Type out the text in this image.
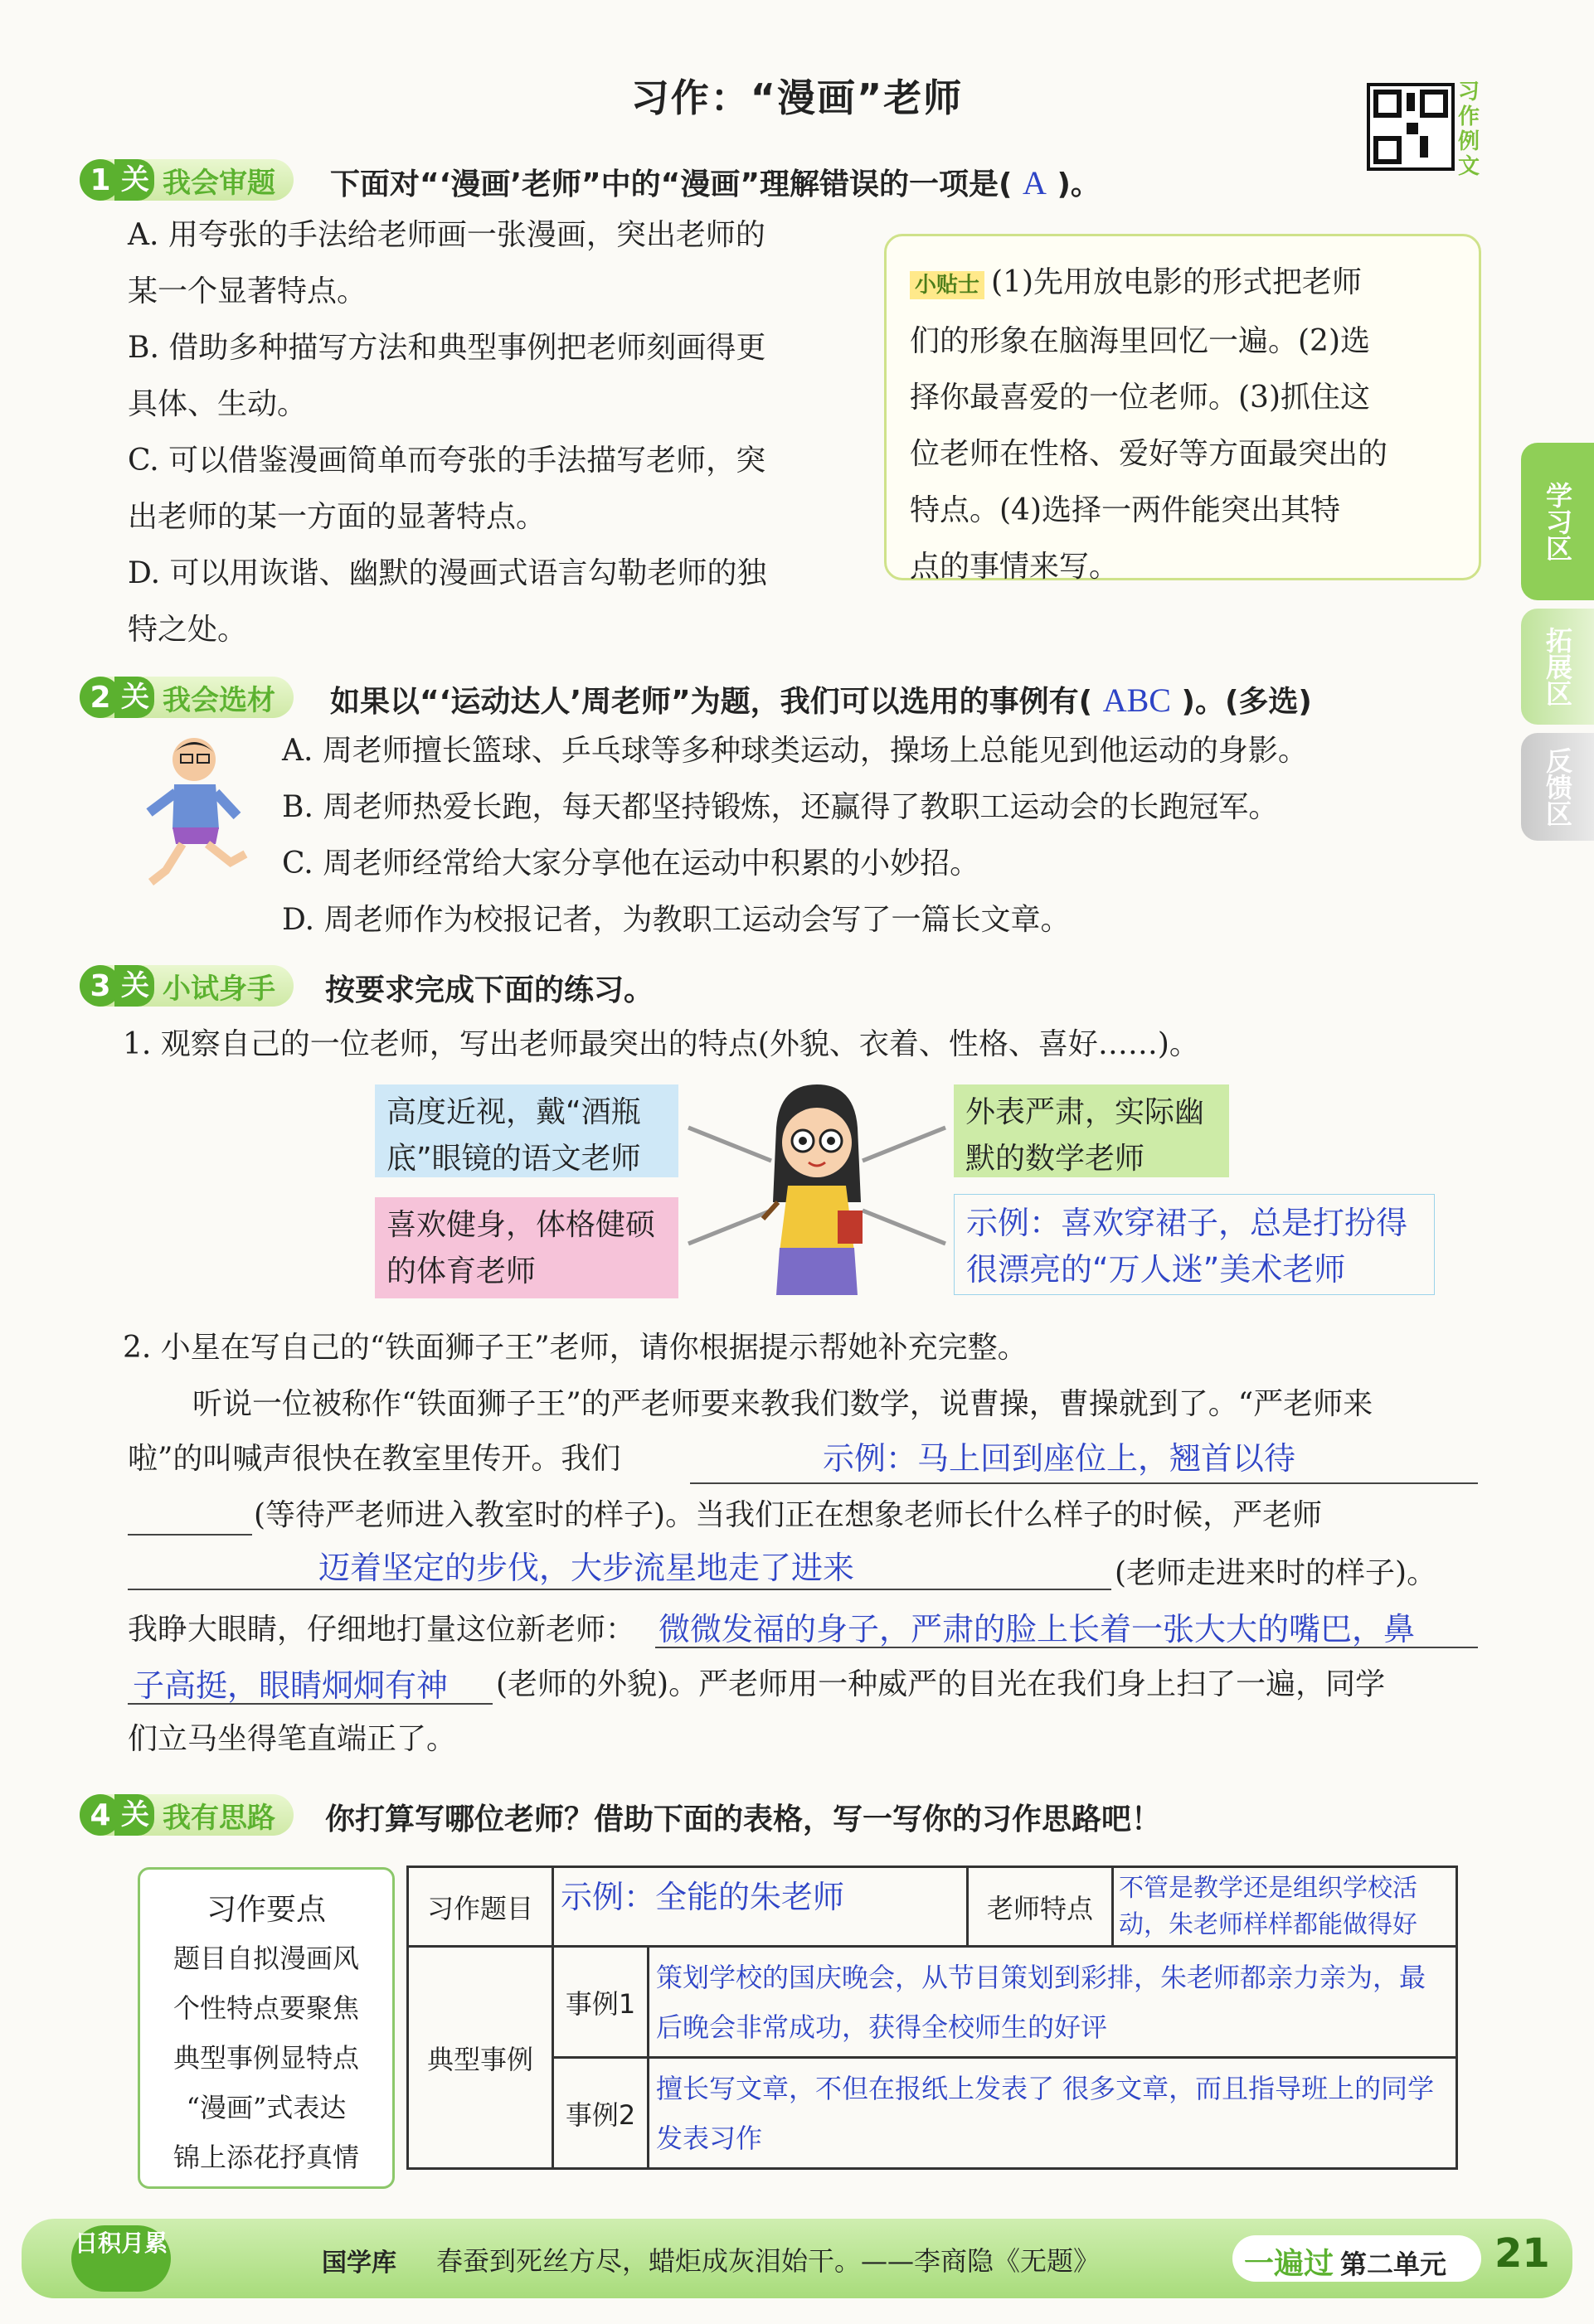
习作：“漫画”老师	习作例文
学习区
拓展区
反馈区
1 关 我会审题 下面对“‘漫画’老师”中的“漫画”理解错误的一项是( A )。
A. 用夸张的手法给老师画一张漫画，突出老师的
某一个显著特点。
B. 借助多种描写方法和典型事例把老师刻画得更
具体、生动。
C. 可以借鉴漫画简单而夸张的手法描写老师，突
出老师的某一方面的显著特点。
D. 可以用诙谐、幽默的漫画式语言勾勒老师的独
特之处。
小贴士 (1)先用放电影的形式把老师
们的形象在脑海里回忆一遍。(2)选
择你最喜爱的一位老师。(3)抓住这
位老师在性格、爱好等方面最突出的
特点。(4)选择一两件能突出其特
点的事情来写。
2 关 我会选材 如果以“‘运动达人’周老师”为题，我们可以选用的事例有( ABC )。(多选)
A. 周老师擅长篮球、乒乓球等多种球类运动，操场上总能见到他运动的身影。
B. 周老师热爱长跑，每天都坚持锻炼，还赢得了教职工运动会的长跑冠军。
C. 周老师经常给大家分享他在运动中积累的小妙招。
D. 周老师作为校报记者，为教职工运动会写了一篇长文章。
3 关 小试身手 按要求完成下面的练习。
1. 观察自己的一位老师，写出老师最突出的特点(外貌、衣着、性格、喜好……)。
高度近视，戴“酒瓶底”眼镜的语文老师
外表严肃，实际幽默的数学老师
喜欢健身，体格健硕的体育老师
示例：喜欢穿裙子，总是打扮得很漂亮的“万人迷”美术老师
2. 小星在写自己的“铁面狮子王”老师，请你根据提示帮她补充完整。
听说一位被称作“铁面狮子王”的严老师要来教我们数学，说曹操，曹操就到了。“严老师来
啦”的叫喊声很快在教室里传开。我们	示例：马上回到座位上，翘首以待
(等待严老师进入教室时的样子)。当我们正在想象老师长什么样子的时候，严老师
迈着坚定的步伐，大步流星地走了进来	(老师走进来时的样子)。
我睁大眼睛，仔细地打量这位新老师： 微微发福的身子，严肃的脸上长着一张大大的嘴巴，鼻
子高挺，眼睛炯炯有神 (老师的外貌)。严老师用一种威严的目光在我们身上扫了一遍，同学
们立马坐得笔直端正了。
4 关 我有思路 你打算写哪位老师？借助下面的表格，写一写你的习作思路吧！
习作要点
题目自拟漫画风
个性特点要聚焦
典型事例显特点
“漫画”式表达
锦上添花抒真情
习作题目	示例：全能的朱老师		老师特点	不管是教学还是组织学校活动，朱老师样样都能做得好
典型事例	事例1	策划学校的国庆晚会，从节目策划到彩排，朱老师都亲力亲为，最后晚会非常成功，获得全校师生的好评		
	事例2	擅长写文章，不但在报纸上发表了 很多文章，而且指导班上的同学发表习作		
日积月累
国学库 春蚕到死丝方尽，蜡炬成灰泪始干。——李商隐《无题》	一遍过 第二单元 21
